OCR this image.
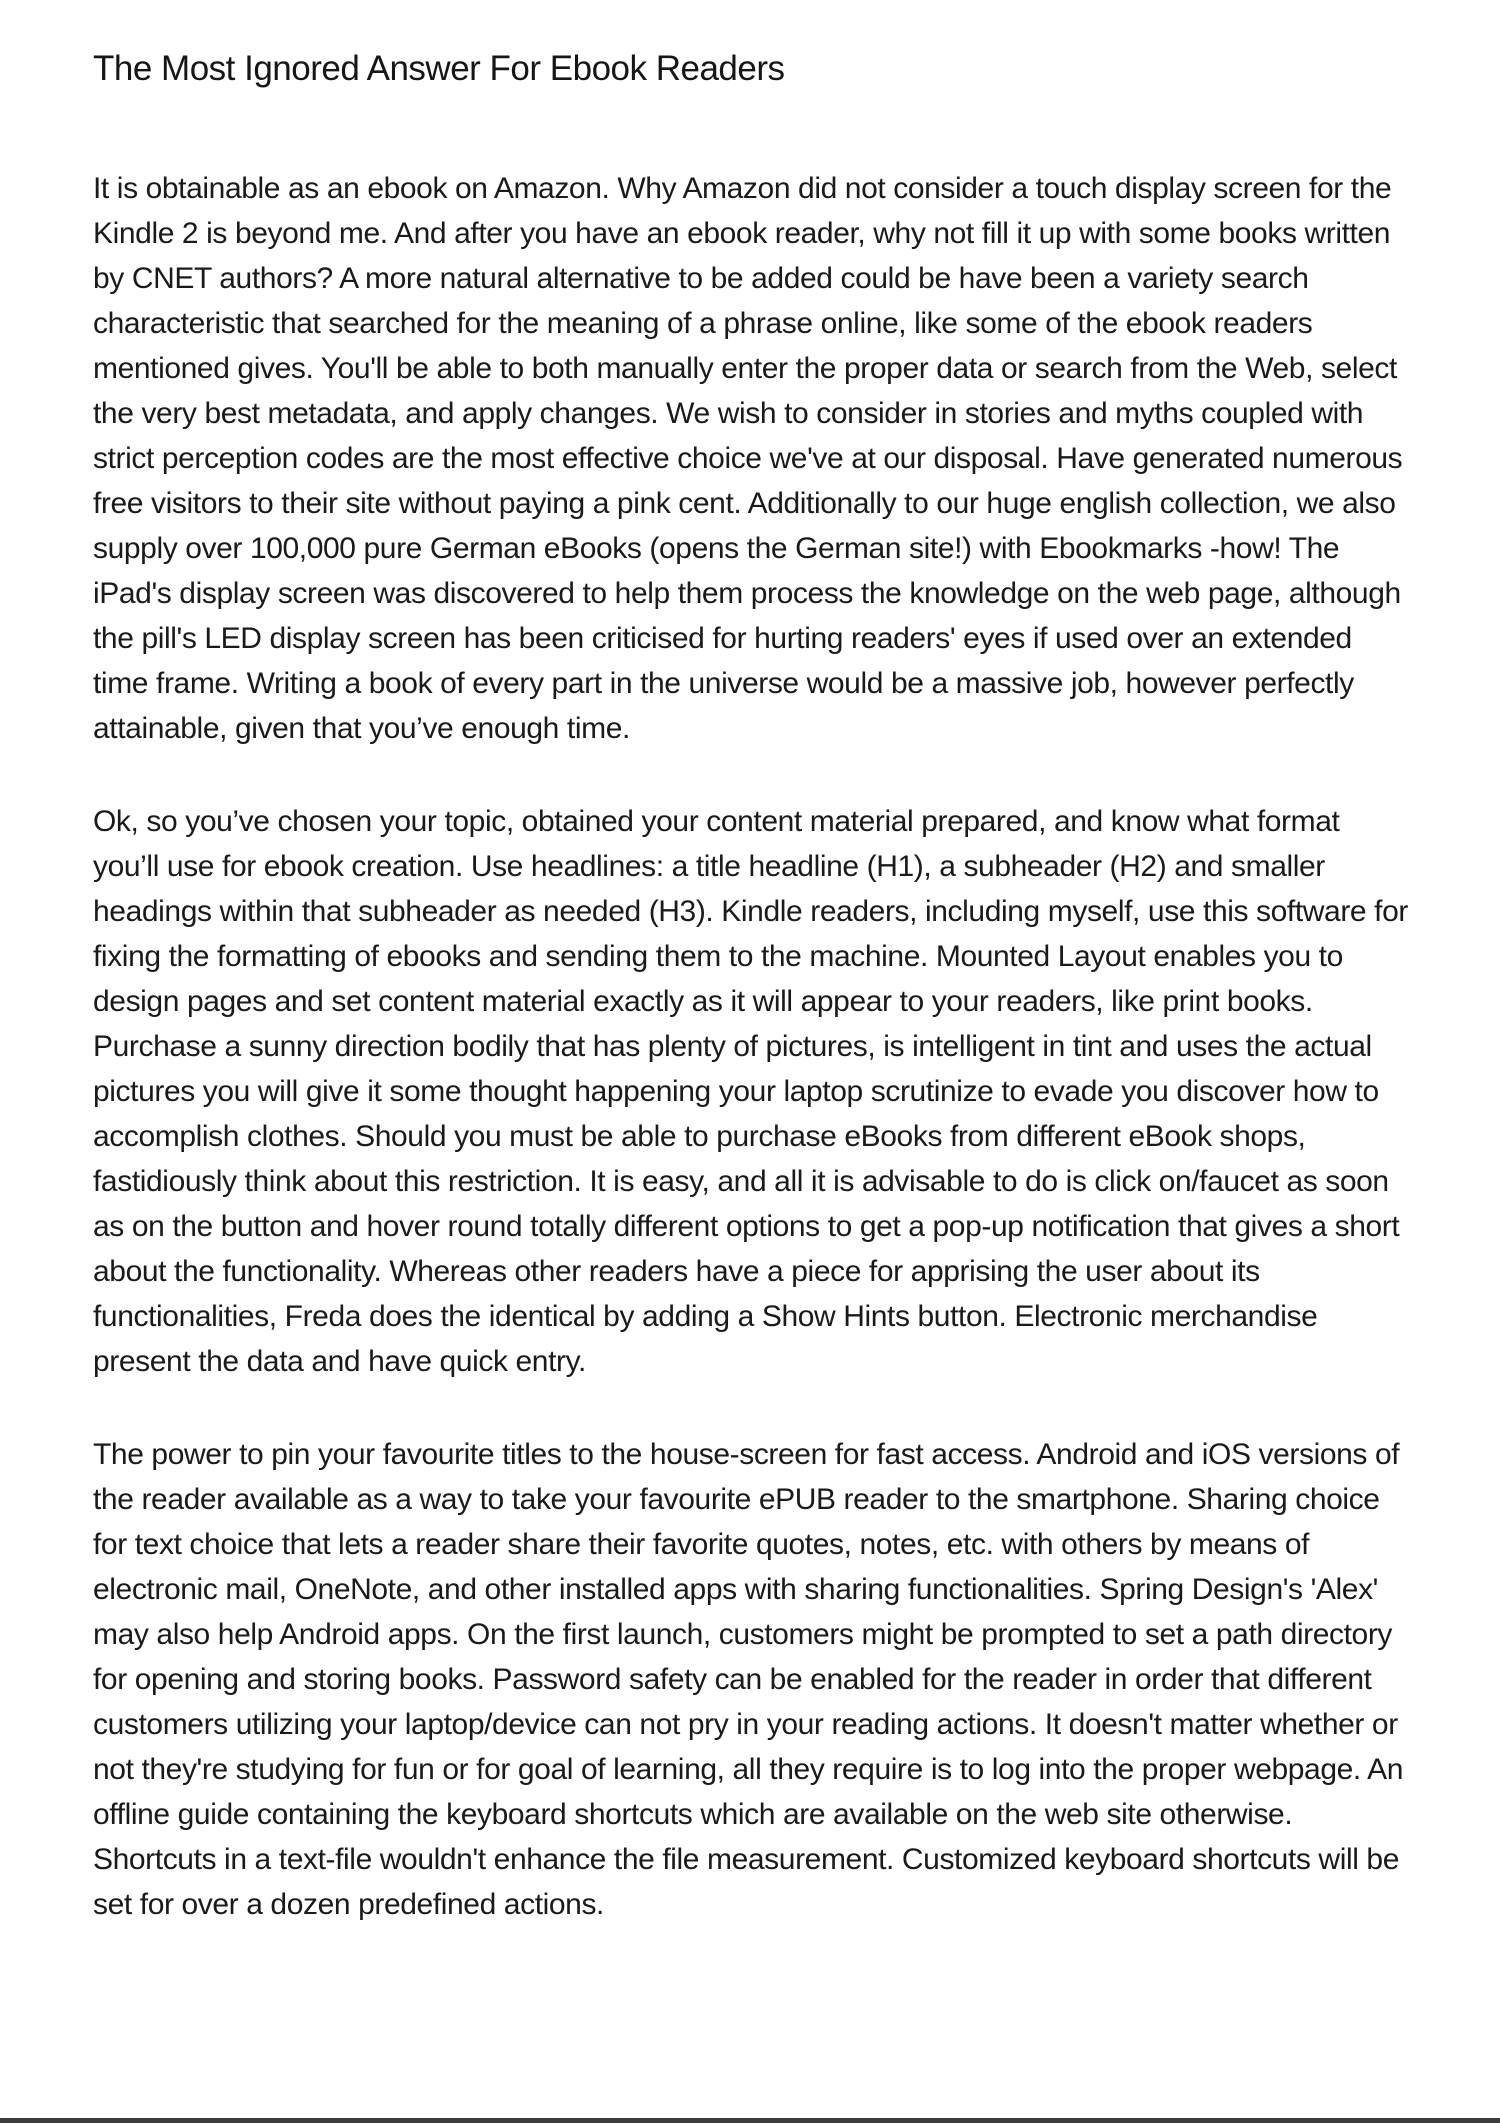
The Most Ignored Answer For Ebook Readers

It is obtainable as an ebook on Amazon. Why Amazon did not consider a touch display screen for the Kindle 2 is beyond me. And after you have an ebook reader, why not fill it up with some books written by CNET authors? A more natural alternative to be added could be have been a variety search characteristic that searched for the meaning of a phrase online, like some of the ebook readers mentioned gives. You'll be able to both manually enter the proper data or search from the Web, select the very best metadata, and apply changes. We wish to consider in stories and myths coupled with strict perception codes are the most effective choice we've at our disposal. Have generated numerous free visitors to their site without paying a pink cent. Additionally to our huge english collection, we also supply over 100,000 pure German eBooks (opens the German site!) with Ebookmarks -how! The iPad's display screen was discovered to help them process the knowledge on the web page, although the pill's LED display screen has been criticised for hurting readers' eyes if used over an extended time frame. Writing a book of every part in the universe would be a massive job, however perfectly attainable, given that you’ve enough time.

Ok, so you’ve chosen your topic, obtained your content material prepared, and know what format you’ll use for ebook creation. Use headlines: a title headline (H1), a subheader (H2) and smaller headings within that subheader as needed (H3). Kindle readers, including myself, use this software for fixing the formatting of ebooks and sending them to the machine. Mounted Layout enables you to design pages and set content material exactly as it will appear to your readers, like print books. Purchase a sunny direction bodily that has plenty of pictures, is intelligent in tint and uses the actual pictures you will give it some thought happening your laptop scrutinize to evade you discover how to accomplish clothes. Should you must be able to purchase eBooks from different eBook shops, fastidiously think about this restriction. It is easy, and all it is advisable to do is click on/faucet as soon as on the button and hover round totally different options to get a pop-up notification that gives a short about the functionality. Whereas other readers have a piece for apprising the user about its functionalities, Freda does the identical by adding a Show Hints button. Electronic merchandise present the data and have quick entry.

The power to pin your favourite titles to the house-screen for fast access. Android and iOS versions of the reader available as a way to take your favourite ePUB reader to the smartphone. Sharing choice for text choice that lets a reader share their favorite quotes, notes, etc. with others by means of electronic mail, OneNote, and other installed apps with sharing functionalities. Spring Design's 'Alex' may also help Android apps. On the first launch, customers might be prompted to set a path directory for opening and storing books. Password safety can be enabled for the reader in order that different customers utilizing your laptop/device can not pry in your reading actions. It doesn't matter whether or not they're studying for fun or for goal of learning, all they require is to log into the proper webpage. An offline guide containing the keyboard shortcuts which are available on the web site otherwise. Shortcuts in a text-file wouldn't enhance the file measurement. Customized keyboard shortcuts will be set for over a dozen predefined actions.
